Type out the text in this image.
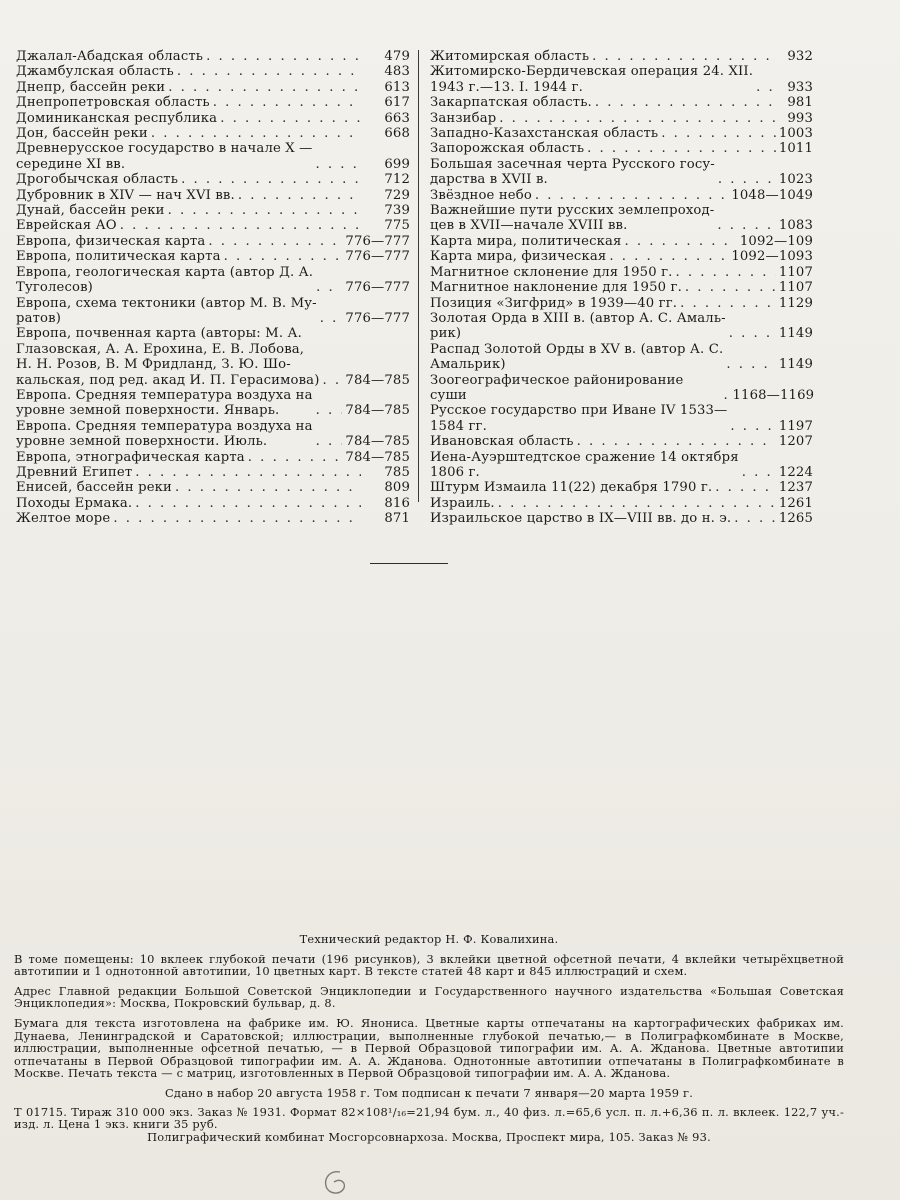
Джалал-Абадская область . . .	479
Джамбулская область . . .	483
Днепр, бассейн реки . . .	613
Днепропетровская область . . .	617
Доминиканская республика . . .	663
Дон, бассейн реки . . .	668
Древнерусское государство в начале X —
середине XI вв. . . .	699
Дрогобычская область . . .	712
Дубровник в XIV — нач XVI вв. . . .	729
Дунай, бассейн реки . . .	739
Еврейская АО . . .	775
Европа, физическая карта . . .	776—777
Европа, политическая карта . . .	776—777
Европа, геологическая карта (автор Д. А.
Туголесов) . . .	776—777
Европа, схема тектоники (автор М. В. Му-
ратов) . . .	776—777
Европа, почвенная карта (авторы: М. А.
Глазовская, А. А. Ерохина, Е. В. Лобова,
Н. Н. Розов, В. М Фридланд, З. Ю. Шо-
кальская, под ред. акад И. П. Герасимова) . . . 784—785
Европа. Средняя температура воздуха на
уровне земной поверхности. Январь. . . .	784—785
Европа. Средняя температура воздуха на
уровне земной поверхности. Июль. . . .	784—785
Европа, этнографическая карта . . .	784—785
Древний Египет . . .	785
Енисей, бассейн реки . . .	809
Походы Ермака. . . .	816
Желтое море . . .	871
Житомирская область . . .	932
Житомирско-Бердичевская операция 24. XII.
1943 г.—13. I. 1944 г. . . .	933
Закарпатская область. . . .	981
Занзибар . . .	993
Западно-Казахстанская область . . .	1003
Запорожская область . . .	1011
Большая засечная черта Русского госу-
дарства в XVII в. . . .	1023
Звёздное небо . . .	1048—1049
Важнейшие пути русских землепроход-
цев в XVII—начале XVIII вв. . . .	1083
Карта мира, политическая . . .	1092—109
Карта мира, физическая . . .	1092—1093
Магнитное склонение для 1950 г. . . .	1107
Магнитное наклонение для 1950 г. . . .	1107
Позиция «Зигфрид» в 1939—40 гг. . . .	1129
Золотая Орда в XIII в. (автор А. С. Амаль-
рик) . . .	1149
Распад Золотой Орды в XV в. (автор А. С.
Амальрик) . . .	1149
Зоогеографическое районирование суши . . .	1168—1169
Русское государство при Иване IV 1533—
1584 гг. . . .	1197
Ивановская область . . .	1207
Иена-Ауэрштедтское сражение 14 октября
1806 г. . . .	1224
Штурм Измаила 11(22) декабря 1790 г. . . .	1237
Израиль. . . .	1261
Израильское царство в IX—VIII вв. до н. э. . . .	1265

Технический редактор Н. Ф. Ковалихина.

В томе помещены: 10 вклеек глубокой печати (196 рисунков), 3 вклейки цветной офсетной печати, 4 вклейки четырёхцветной автотипии и 1 однотонной автотипии, 10 цветных карт. В тексте статей 48 карт и 845 иллюстраций и схем.

Адрес Главной редакции Большой Советской Энциклопедии и Государственного научного издательства «Большая Советская Энциклопедия»: Москва, Покровский бульвар, д. 8.

Бумага для текста изготовлена на фабрике им. Ю. Янониса. Цветные карты отпечатаны на картографических фабриках им. Дунаева, Ленинградской и Саратовской; иллюстрации, выполненные глубокой печатью,— в Полиграфкомбинате в Москве, иллюстрации, выполненные офсетной печатью, — в Первой Образцовой типографии им. А. А. Жданова. Цветные автотипии отпечатаны в Первой Образцовой типографии им. А. А. Жданова. Однотонные автотипии отпечатаны в Полиграфкомбинате в Москве. Печать текста — с матриц, изготовленных в Первой Образцовой типографии им. А. А. Жданова.

Сдано в набор 20 августа 1958 г. Том подписан к печати 7 января—20 марта 1959 г.

Т 01715. Тираж 310 000 экз. Заказ № 1931. Формат 82×108¹/₁₆=21,94 бум. л., 40 физ. л.=65,6 усл. п. л.+6,36 п. л. вклеек. 122,7 уч.-изд. л. Цена 1 экз. книги 35 руб.

Полиграфический комбинат Мосгорсовнархоза. Москва, Проспект мира, 105. Заказ № 93.
